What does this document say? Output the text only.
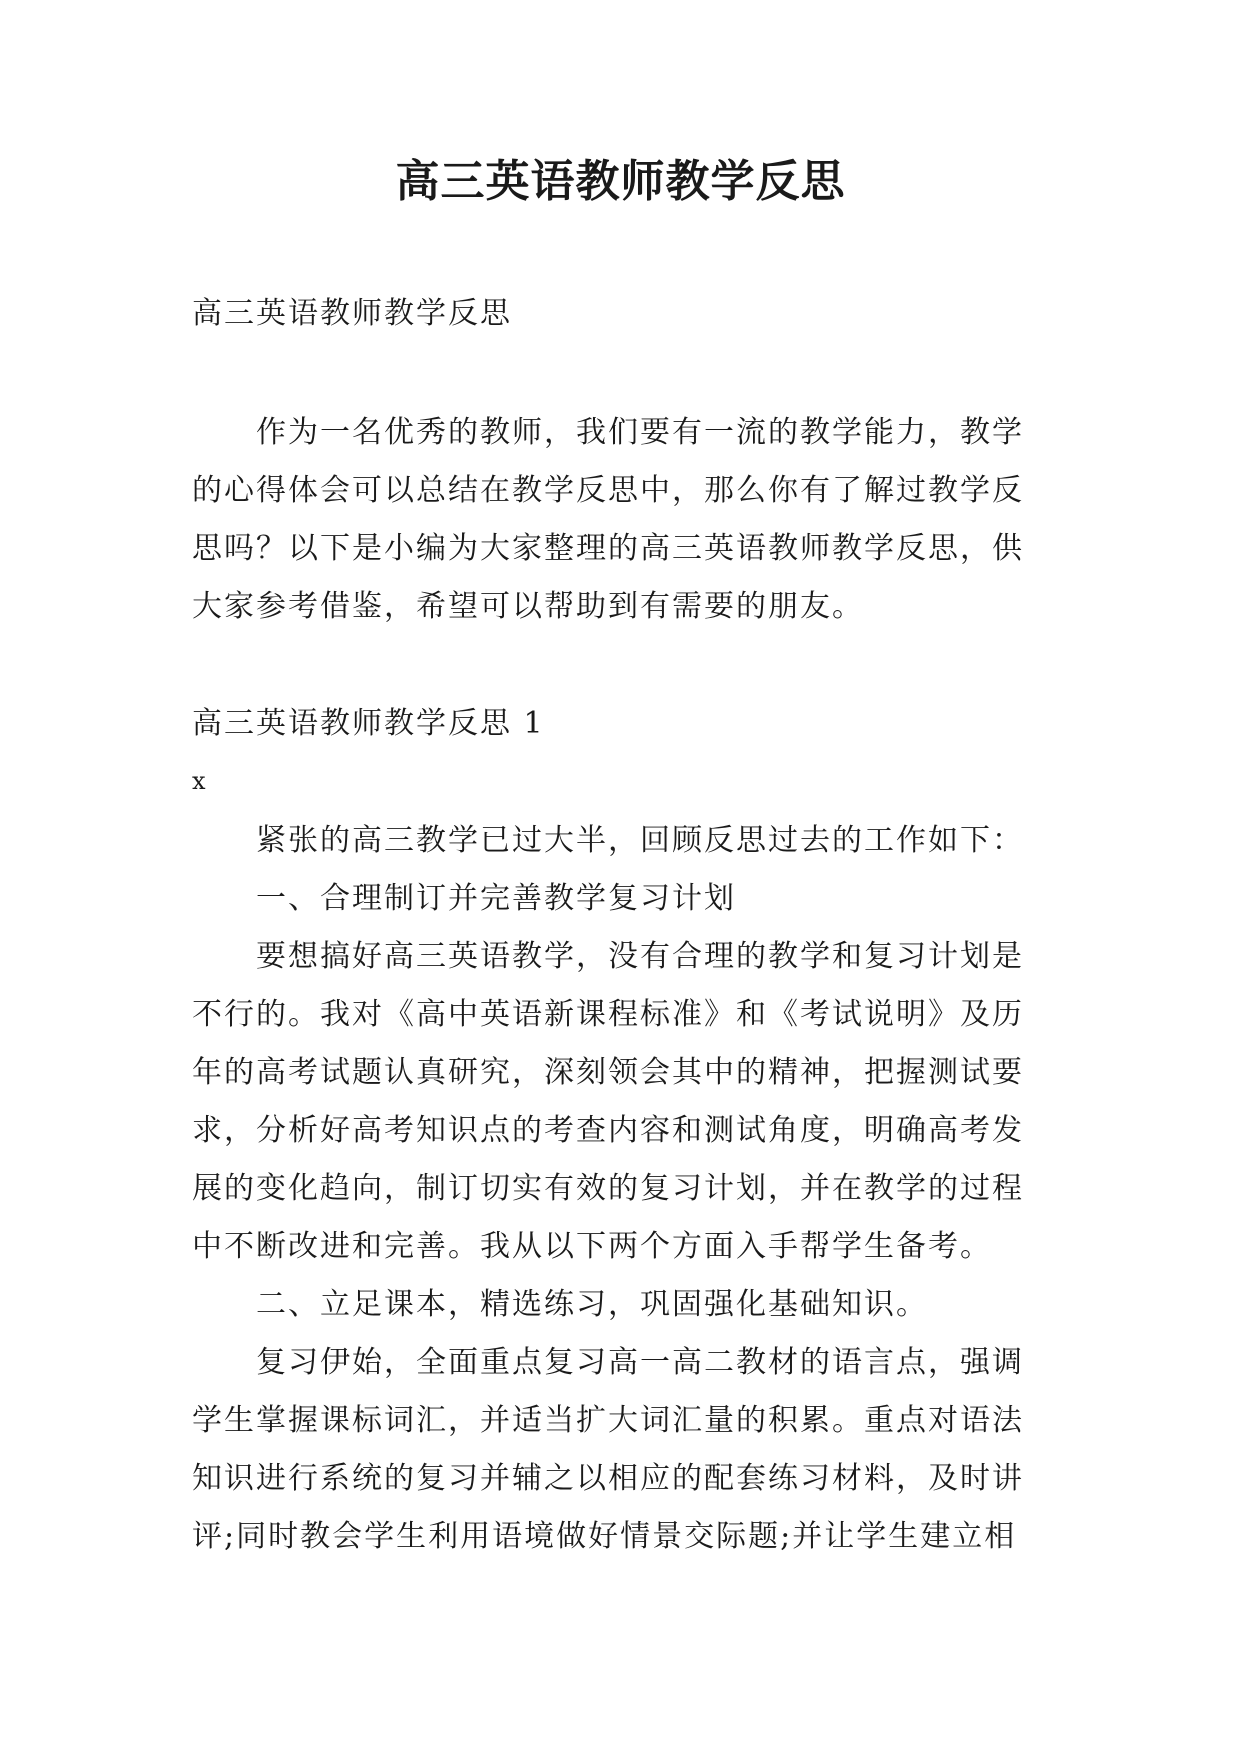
高三英语教师教学反思
高三英语教师教学反思
作为一名优秀的教师，我们要有一流的教学能力，教学的心得体会可以总结在教学反思中，那么你有了解过教学反思吗？以下是小编为大家整理的高三英语教师教学反思，供大家参考借鉴，希望可以帮助到有需要的朋友。
高三英语教师教学反思 1
x

紧张的高三教学已过大半，回顾反思过去的工作如下：

一、合理制订并完善教学复习计划

要想搞好高三英语教学，没有合理的教学和复习计划是不行的。我对《高中英语新课程标准》和《考试说明》及历年的高考试题认真研究，深刻领会其中的精神，把握测试要求，分析好高考知识点的考查内容和测试角度，明确高考发展的变化趋向，制订切实有效的复习计划，并在教学的过程中不断改进和完善。我从以下两个方面入手帮学生备考。

二、立足课本，精选练习，巩固强化基础知识。

复习伊始，全面重点复习高一高二教材的语言点，强调学生掌握课标词汇，并适当扩大词汇量的积累。重点对语法知识进行系统的复习并辅之以相应的配套练习材料，及时讲评;同时教会学生利用语境做好情景交际题;并让学生建立相
